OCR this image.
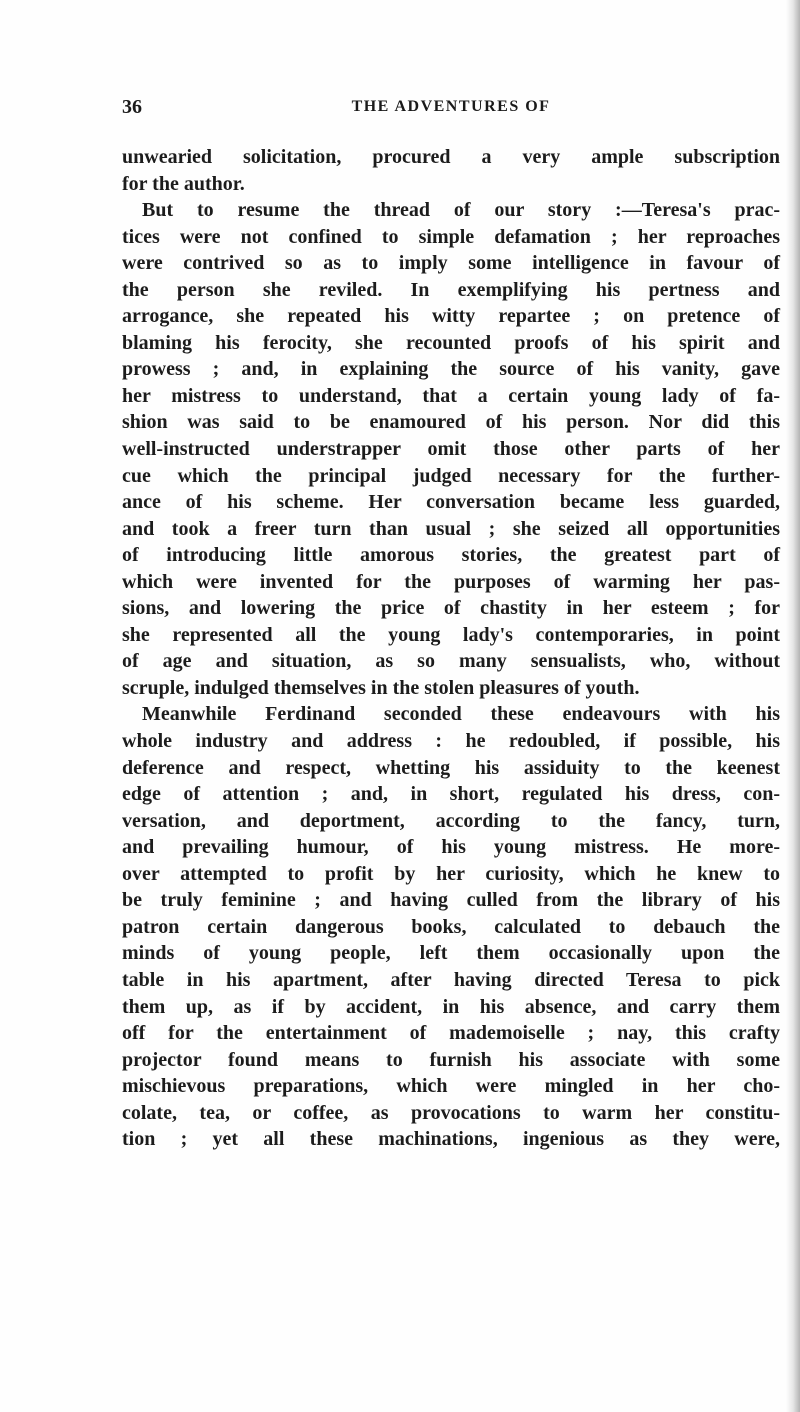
36	THE ADVENTURES OF
unwearied solicitation, procured a very ample subscription
for the author.
But to resume the thread of our story :—Teresa's prac-
tices were not confined to simple defamation ; her reproaches
were contrived so as to imply some intelligence in favour of
the person she reviled. In exemplifying his pertness and
arrogance, she repeated his witty repartee ; on pretence of
blaming his ferocity, she recounted proofs of his spirit and
prowess ; and, in explaining the source of his vanity, gave
her mistress to understand, that a certain young lady of fa-
shion was said to be enamoured of his person. Nor did this
well-instructed understrapper omit those other parts of her
cue which the principal judged necessary for the further-
ance of his scheme. Her conversation became less guarded,
and took a freer turn than usual ; she seized all opportunities
of introducing little amorous stories, the greatest part of
which were invented for the purposes of warming her pas-
sions, and lowering the price of chastity in her esteem ; for
she represented all the young lady's contemporaries, in point
of age and situation, as so many sensualists, who, without
scruple, indulged themselves in the stolen pleasures of youth.
Meanwhile Ferdinand seconded these endeavours with his
whole industry and address : he redoubled, if possible, his
deference and respect, whetting his assiduity to the keenest
edge of attention ; and, in short, regulated his dress, con-
versation, and deportment, according to the fancy, turn,
and prevailing humour, of his young mistress. He more-
over attempted to profit by her curiosity, which he knew to
be truly feminine ; and having culled from the library of his
patron certain dangerous books, calculated to debauch the
minds of young people, left them occasionally upon the
table in his apartment, after having directed Teresa to pick
them up, as if by accident, in his absence, and carry them
off for the entertainment of mademoiselle ; nay, this crafty
projector found means to furnish his associate with some
mischievous preparations, which were mingled in her cho-
colate, tea, or coffee, as provocations to warm her constitu-
tion ; yet all these machinations, ingenious as they were,
